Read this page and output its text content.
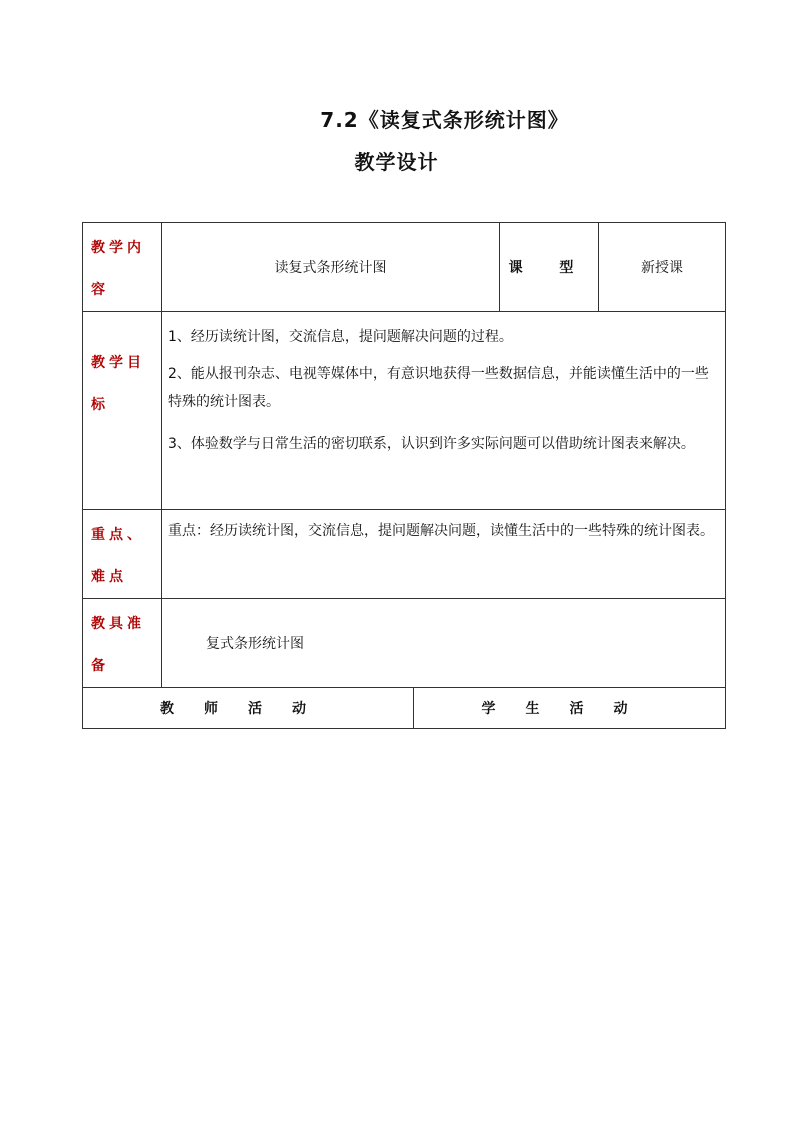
7.2《读复式条形统计图》
教学设计
教学内容	读复式条形统计图		课 型	新授课
教学目标	1、经历读统计图，交流信息，提问题解决问题的过程。

2、能从报刊杂志、电视等媒体中，有意识地获得一些数据信息，并能读懂生活中的一些特殊的统计图表。

3、体验数学与日常生活的密切联系，认识到许多实际问题可以借助统计图表来解决。			

重点、难点	重点：经历读统计图，交流信息，提问题解决问题，读懂生活中的一些特殊的统计图表。			
教具准备	复式条形统计图			
教师活动		学生活动		
